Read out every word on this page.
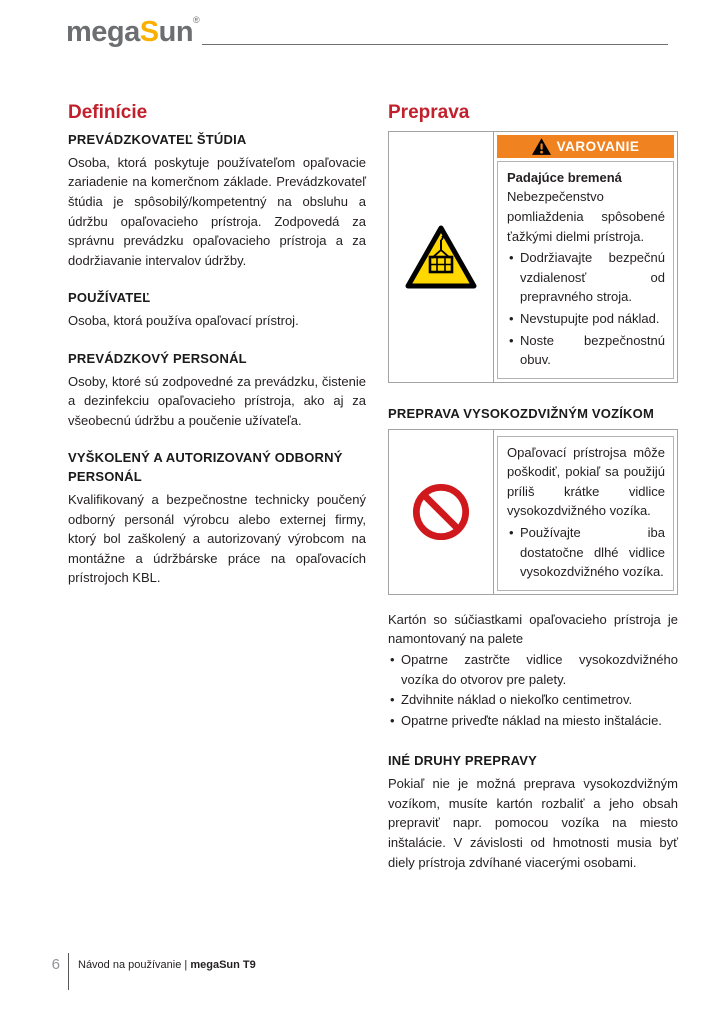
megaSun®
Definície
PREVÁDZKOVATEĽ ŠTÚDIA

Osoba, ktorá poskytuje používateľom opaľovacie zariadenie na komerčnom základe. Prevádzkovateľ štúdia je spôsobilý/kompetentný na obsluhu a údržbu opaľovacieho prístroja. Zodpovedá za správnu prevádzku opaľovacieho prístroja a za dodržiavanie intervalov údržby.

POUŽÍVATEĽ

Osoba, ktorá používa opaľovací prístroj.

PREVÁDZKOVÝ PERSONÁL

Osoby, ktoré sú zodpovedné za prevádzku, čistenie a dezinfekciu opaľovacieho prístroja, ako aj za všeobecnú údržbu a poučenie užívateľa.

VYŠKOLENÝ A AUTORIZOVANÝ ODBORNÝ PERSONÁL

Kvalifikovaný a bezpečnostne technicky poučený odborný personál výrobcu alebo externej firmy, ktorý bol zaškolený a autorizovaný výrobcom na montážne a údržbárske práce na opaľovacích prístrojoch KBL.

Preprava
VAROVANIE

Padajúce bremená

Nebezpečenstvo pomliaždenia spôsobené ťažkými dielmi prístroja.

• Dodržiavajte bezpečnú vzdialenosť od prepravného stroja.
• Nevstupujte pod náklad.
• Noste bezpečnostnú obuv.
PREPRAVA VYSOKOZDVIŽNÝM VOZÍKOM

Opaľovací prístrojsa môže poškodiť, pokiaľ sa použijú príliš krátke vidlice vysokozdvižného vozíka.

• Používajte iba dostatočne dlhé vidlice vysokozdvižného vozíka.

Kartón so súčiastkami opaľovacieho prístroja je namontovaný na palete

• Opatrne zastrčte vidlice vysokozdvižného vozíka do otvorov pre palety.
• Zdvihnite náklad o niekoľko centimetrov.
• Opatrne priveďte náklad na miesto inštalácie.
INÉ DRUHY PREPRAVY

Pokiaľ nie je možná preprava vysokozdvižným vozíkom, musíte kartón rozbaliť a jeho obsah prepraviť napr. pomocou vozíka na miesto inštalácie. V závislosti od hmotnosti musia byť diely prístroja zdvíhané viacerými osobami.

6 Návod na používanie | megaSun T9
